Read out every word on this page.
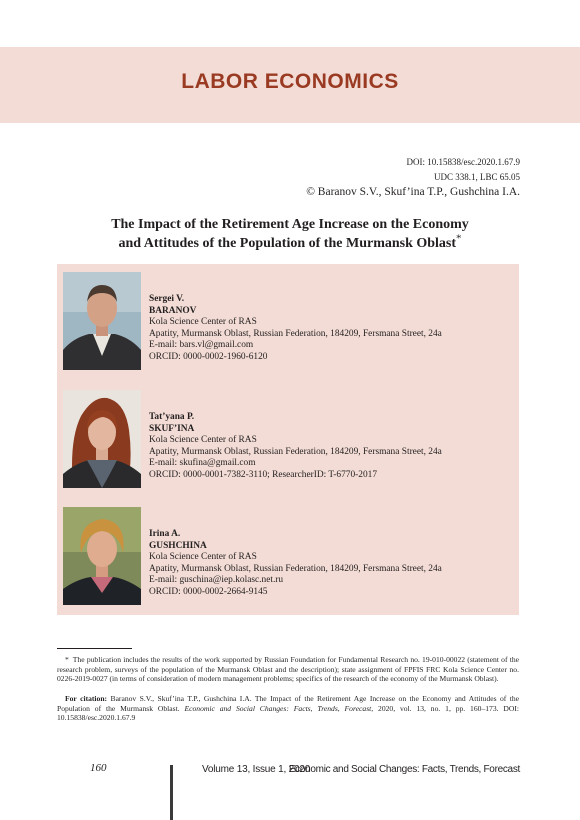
LABOR ECONOMICS
DOI: 10.15838/esc.2020.1.67.9
UDC 338.1, LBC 65.05
© Baranov S.V., Skuf’ina T.P., Gushchina I.A.
The Impact of the Retirement Age Increase on the Economy
and Attitudes of the Population of the Murmansk Oblast*
Sergei V.
BARANOV
Kola Science Center of RAS
Apatity, Murmansk Oblast, Russian Federation, 184209, Fersmana Street, 24a
E-mail: bars.vl@gmail.com
ORCID: 0000-0002-1960-6120
Tat’yana P.
SKUF’INA
Kola Science Center of RAS
Apatity, Murmansk Oblast, Russian Federation, 184209, Fersmana Street, 24a
E-mail: skufina@gmail.com
ORCID: 0000-0001-7382-3110; ResearcherID: T-6770-2017
Irina A.
GUSHCHINA
Kola Science Center of RAS
Apatity, Murmansk Oblast, Russian Federation, 184209, Fersmana Street, 24a
E-mail: guschina@iep.kolasc.net.ru
ORCID: 0000-0002-2664-9145
* The publication includes the results of the work supported by Russian Foundation for Fundamental Research no. 19-010-00022 (statement of the research problem, surveys of the population of the Murmansk Oblast and the description); state assignment of FPFIS FRC Kola Science Center no. 0226-2019-0027 (in terms of consideration of modern management problems; specifics of the research of the economy of the Murmansk Oblast).
For citation: Baranov S.V., Skuf’ina T.P., Gushchina I.A. The Impact of the Retirement Age Increase on the Economy and Attitudes of the Population of the Murmansk Oblast. Economic and Social Changes: Facts, Trends, Forecast, 2020, vol. 13, no. 1, pp. 160–173. DOI: 10.15838/esc.2020.1.67.9
160	Volume 13, Issue 1, 2020
Economic and Social Changes: Facts, Trends, Forecast
